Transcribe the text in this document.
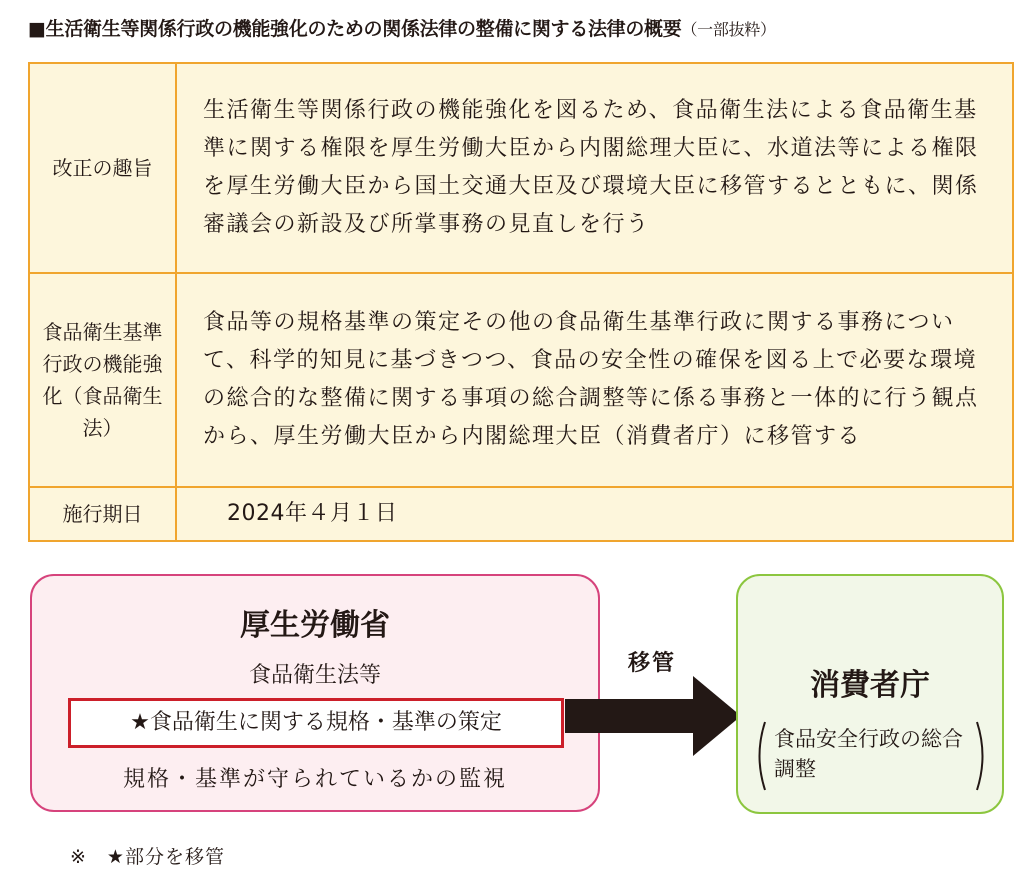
■生活衛生等関係行政の機能強化のための関係法律の整備に関する法律の概要（一部抜粋）
改正の趣旨	生活衛生等関係行政の機能強化を図るため、食品衛生法による食品衛生基準に関する権限を厚生労働大臣から内閣総理大臣に、水道法等による権限を厚生労働大臣から国土交通大臣及び環境大臣に移管するとともに、関係審議会の新設及び所掌事務の見直しを行う
食品衛生基準行政の機能強化（食品衛生法）	食品等の規格基準の策定その他の食品衛生基準行政に関する事務について、科学的知見に基づきつつ、食品の安全性の確保を図る上で必要な環境の総合的な整備に関する事項の総合調整等に係る事務と一体的に行う観点から、厚生労働大臣から内閣総理大臣（消費者庁）に移管する
施行期日	2024年４月１日
厚生労働省
食品衛生法等
★食品衛生に関する規格・基準の策定
規格・基準が守られているかの監視
移管
消費者庁
食品安全行政の総合調整
※　★部分を移管
